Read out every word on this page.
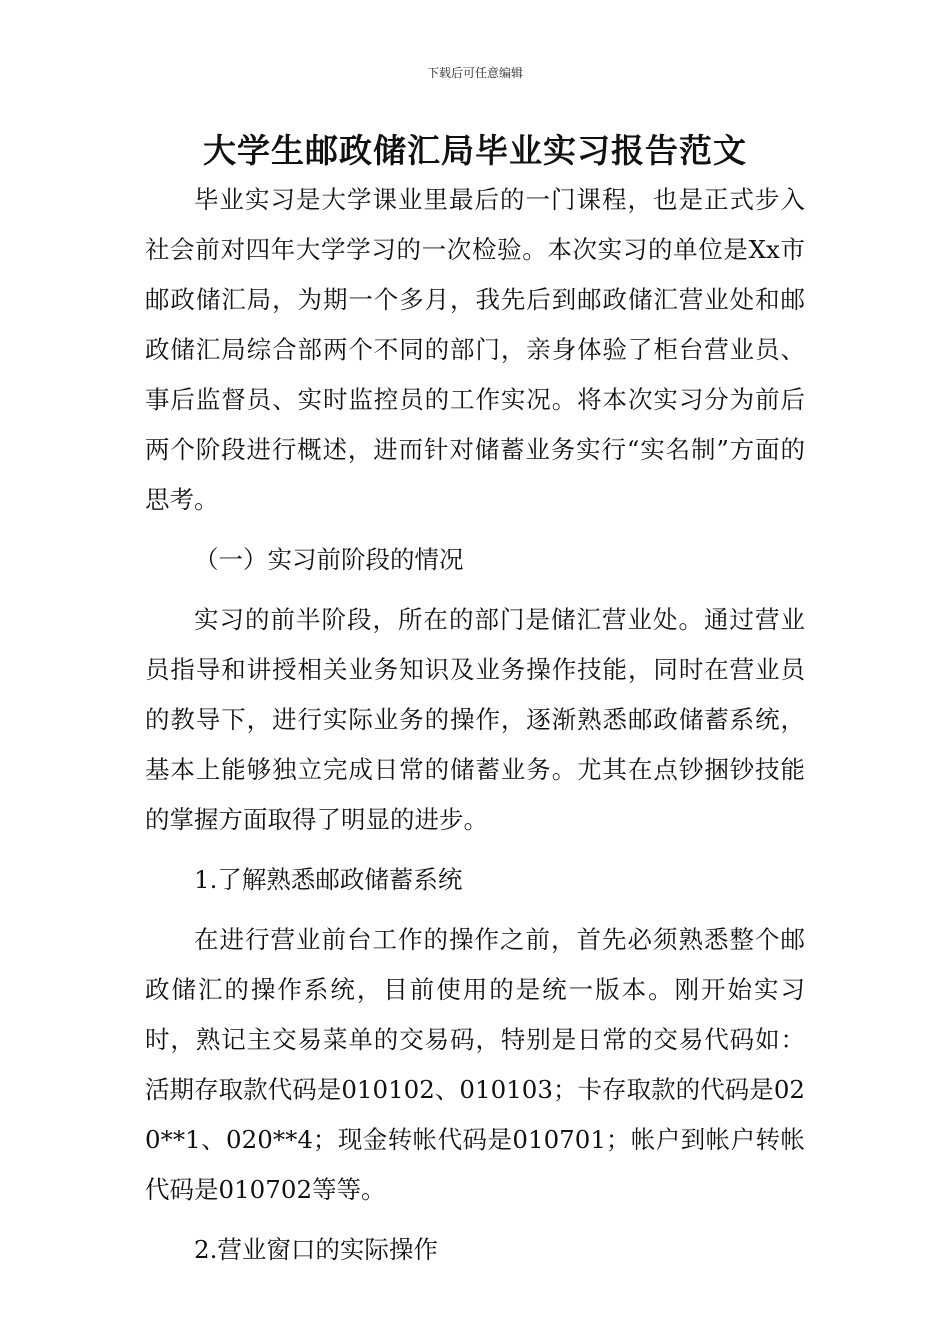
下载后可任意编辑
大学生邮政储汇局毕业实习报告范文

毕业实习是大学课业里最后的一门课程，也是正式步入社会前对四年大学学习的一次检验。本次实习的单位是Xx市邮政储汇局，为期一个多月，我先后到邮政储汇营业处和邮政储汇局综合部两个不同的部门，亲身体验了柜台营业员、事后监督员、实时监控员的工作实况。将本次实习分为前后两个阶段进行概述，进而针对储蓄业务实行“实名制”方面的思考。

（一）实习前阶段的情况

实习的前半阶段，所在的部门是储汇营业处。通过营业员指导和讲授相关业务知识及业务操作技能，同时在营业员的教导下，进行实际业务的操作，逐渐熟悉邮政储蓄系统，基本上能够独立完成日常的储蓄业务。尤其在点钞捆钞技能的掌握方面取得了明显的进步。

1.了解熟悉邮政储蓄系统

在进行营业前台工作的操作之前，首先必须熟悉整个邮政储汇的操作系统，目前使用的是统一版本。刚开始实习时，熟记主交易菜单的交易码，特别是日常的交易代码如：活期存取款代码是010102、010103；卡存取款的代码是020**1、020**4；现金转帐代码是010701；帐户到帐户转帐代码是010702等等。

2.营业窗口的实际操作
